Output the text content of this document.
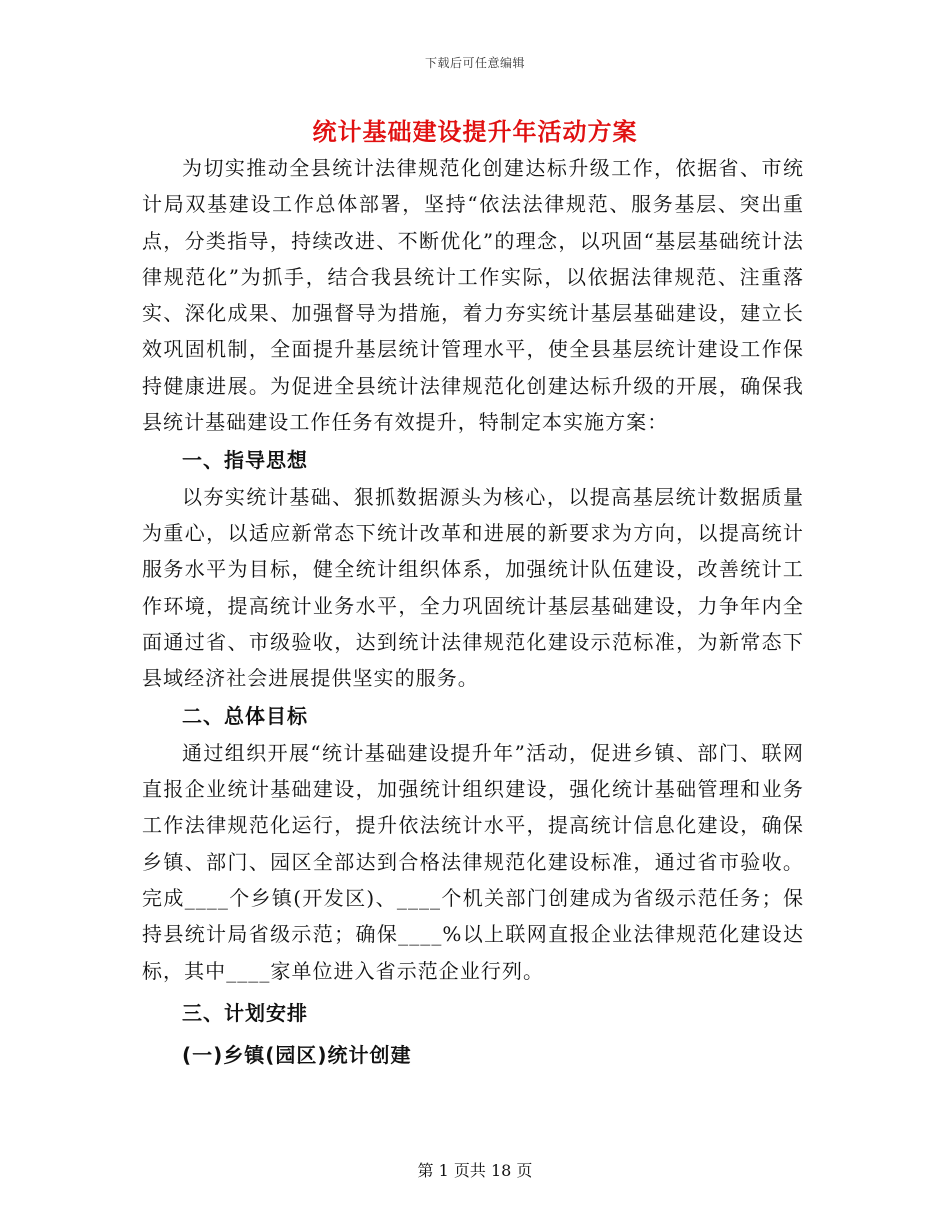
下载后可任意编辑
统计基础建设提升年活动方案

为切实推动全县统计法律规范化创建达标升级工作，依据省、市统计局双基建设工作总体部署，坚持“依法法律规范、服务基层、突出重点，分类指导，持续改进、不断优化”的理念，以巩固“基层基础统计法律规范化”为抓手，结合我县统计工作实际，以依据法律规范、注重落实、深化成果、加强督导为措施，着力夯实统计基层基础建设，建立长效巩固机制，全面提升基层统计管理水平，使全县基层统计建设工作保持健康进展。为促进全县统计法律规范化创建达标升级的开展，确保我县统计基础建设工作任务有效提升，特制定本实施方案：

一、指导思想

以夯实统计基础、狠抓数据源头为核心，以提高基层统计数据质量为重心，以适应新常态下统计改革和进展的新要求为方向，以提高统计服务水平为目标，健全统计组织体系，加强统计队伍建设，改善统计工作环境，提高统计业务水平，全力巩固统计基层基础建设，力争年内全面通过省、市级验收，达到统计法律规范化建设示范标准，为新常态下县域经济社会进展提供坚实的服务。

二、总体目标

通过组织开展“统计基础建设提升年”活动，促进乡镇、部门、联网直报企业统计基础建设，加强统计组织建设，强化统计基础管理和业务工作法律规范化运行，提升依法统计水平，提高统计信息化建设，确保乡镇、部门、园区全部达到合格法律规范化建设标准，通过省市验收。完成____个乡镇(开发区)、____个机关部门创建成为省级示范任务；保持县统计局省级示范；确保____%以上联网直报企业法律规范化建设达标，其中____家单位进入省示范企业行列。

三、计划安排

(一)乡镇(园区)统计创建

第 1 页共 18 页
